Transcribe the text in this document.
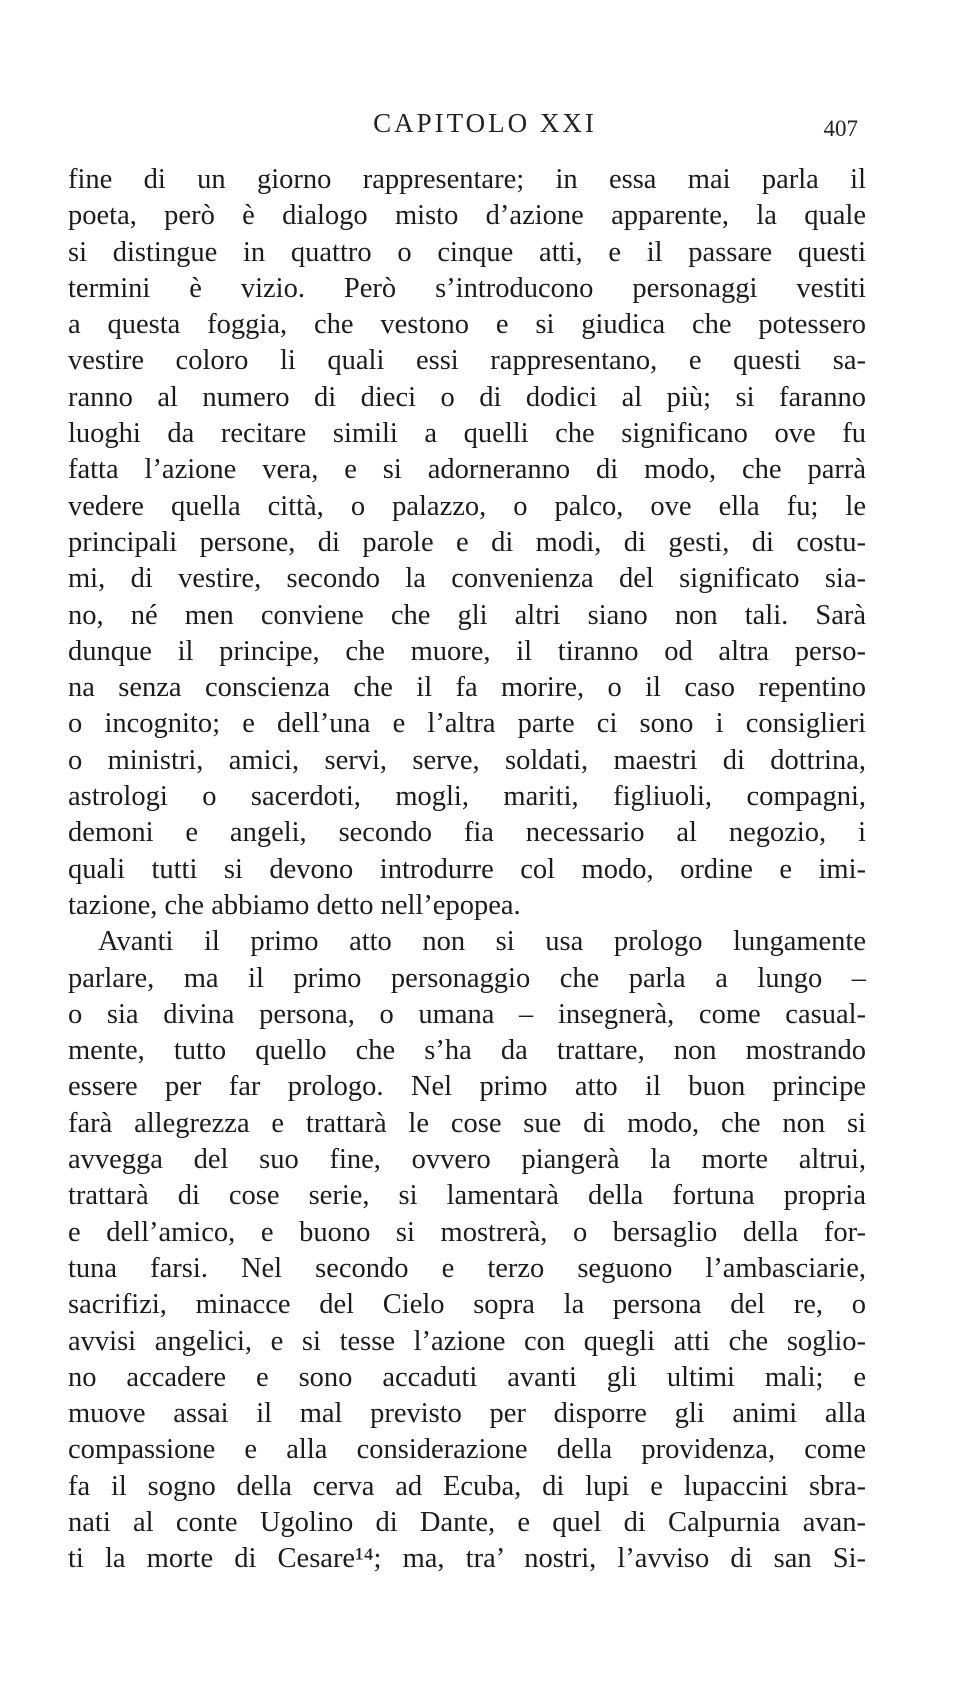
CAPITOLO XXI	407
fine di un giorno rappresentare; in essa mai parla il
poeta, però è dialogo misto d’azione apparente, la quale
si distingue in quattro o cinque atti, e il passare questi
termini è vizio. Però s’introducono personaggi vestiti
a questa foggia, che vestono e si giudica che potessero
vestire coloro li quali essi rappresentano, e questi sa-
ranno al numero di dieci o di dodici al più; si faranno
luoghi da recitare simili a quelli che significano ove fu
fatta l’azione vera, e si adorneranno di modo, che parrà
vedere quella città, o palazzo, o palco, ove ella fu; le
principali persone, di parole e di modi, di gesti, di costu-
mi, di vestire, secondo la convenienza del significato sia-
no, né men conviene che gli altri siano non tali. Sarà
dunque il principe, che muore, il tiranno od altra perso-
na senza conscienza che il fa morire, o il caso repentino
o incognito; e dell’una e l’altra parte ci sono i consiglieri
o ministri, amici, servi, serve, soldati, maestri di dottrina,
astrologi o sacerdoti, mogli, mariti, figliuoli, compagni,
demoni e angeli, secondo fia necessario al negozio, i
quali tutti si devono introdurre col modo, ordine e imi-
tazione, che abbiamo detto nell’epopea.
Avanti il primo atto non si usa prologo lungamente
parlare, ma il primo personaggio che parla a lungo –
o sia divina persona, o umana – insegnerà, come casual-
mente, tutto quello che s’ha da trattare, non mostrando
essere per far prologo. Nel primo atto il buon principe
farà allegrezza e trattarà le cose sue di modo, che non si
avvegga del suo fine, ovvero piangerà la morte altrui,
trattarà di cose serie, si lamentarà della fortuna propria
e dell’amico, e buono si mostrerà, o bersaglio della for-
tuna farsi. Nel secondo e terzo seguono l’ambasciarie,
sacrifizi, minacce del Cielo sopra la persona del re, o
avvisi angelici, e si tesse l’azione con quegli atti che soglio-
no accadere e sono accaduti avanti gli ultimi mali; e
muove assai il mal previsto per disporre gli animi alla
compassione e alla considerazione della providenza, come
fa il sogno della cerva ad Ecuba, di lupi e lupaccini sbra-
nati al conte Ugolino di Dante, e quel di Calpurnia avan-
ti la morte di Cesare¹⁴; ma, tra’ nostri, l’avviso di san Si-
